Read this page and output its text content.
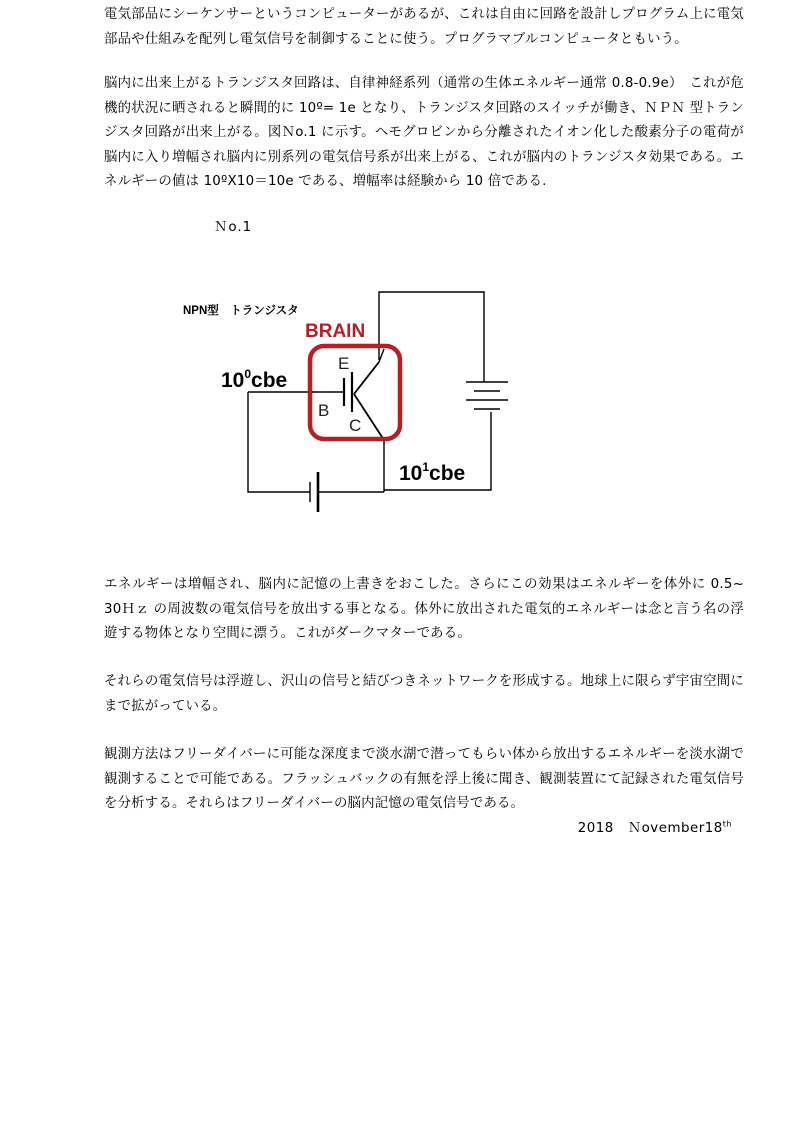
電気部品にシーケンサーというコンピューターがあるが、これは自由に回路を設計しプログラム上に電気部品や仕組みを配列し電気信号を制御することに使う。プログラマブルコンピュータともいう。

脳内に出来上がるトランジスタ回路は、自律神経系列（通常の生体エネルギー通常 0.8-0.9e）　これが危機的状況に晒されると瞬間的に 10º= 1e となり、トランジスタ回路のスイッチが働き、ＮＰＮ 型トランジスタ回路が出来上がる。図Ｎo.1 に示す。ヘモグロビンから分離されたイオン化した酸素分子の電荷が脳内に入り増幅され脳内に別系列の電気信号系が出来上がる、これが脳内のトランジスタ効果である。エネルギーの値は 10ºX10＝10e である、増幅率は経験から 10 倍である.

Ｎo.1
NPN型　トランジスタ
BRAIN
E
B
C
$10^0cbe$
$10^1cbe$

エネルギーは増幅され、脳内に記憶の上書きをおこした。さらにこの効果はエネルギーを体外に 0.5~ 30Ｈｚ の周波数の電気信号を放出する事となる。体外に放出された電気的エネルギーは念と言う名の浮遊する物体となり空間に漂う。これがダークマターである。

それらの電気信号は浮遊し、沢山の信号と結びつきネットワークを形成する。地球上に限らず宇宙空間にまで拡がっている。

観測方法はフリーダイバーに可能な深度まで淡水湖で潜ってもらい体から放出するエネルギーを淡水湖で観測することで可能である。フラッシュバックの有無を浮上後に聞き、観測装置にて記録された電気信号を分析する。それらはフリーダイバーの脳内記憶の電気信号である。

2018　Ｎovember18th
